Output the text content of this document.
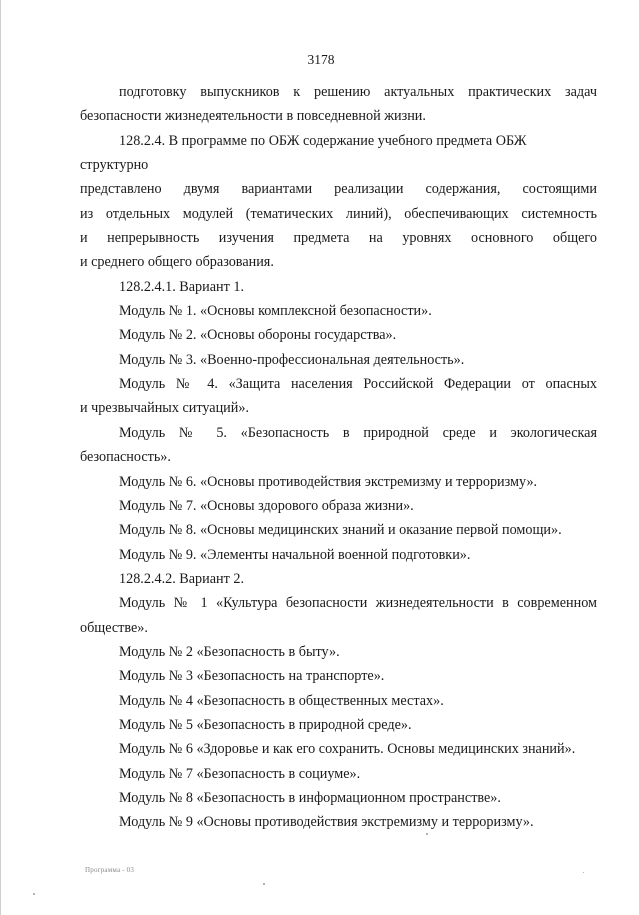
3178

подготовку выпускников к решению актуальных практических задач

безопасности жизнедеятельности в повседневной жизни.

128.2.4. В программе по ОБЖ содержание учебного предмета ОБЖ структурно

представлено двумя вариантами реализации содержания, состоящими

из отдельных модулей (тематических линий), обеспечивающих системность

и непрерывность изучения предмета на уровнях основного общего

и среднего общего образования.

128.2.4.1. Вариант 1.

Модуль № 1. «Основы комплексной безопасности».

Модуль № 2. «Основы обороны государства».

Модуль № 3. «Военно-профессиональная деятельность».

Модуль № 4. «Защита населения Российской Федерации от опасных

и чрезвычайных ситуаций».

Модуль № 5. «Безопасность в природной среде и экологическая

безопасность».

Модуль № 6. «Основы противодействия экстремизму и терроризму».

Модуль № 7. «Основы здорового образа жизни».

Модуль № 8. «Основы медицинских знаний и оказание первой помощи».

Модуль № 9. «Элементы начальной военной подготовки».

128.2.4.2. Вариант 2.

Модуль № 1 «Культура безопасности жизнедеятельности в современном

обществе».

Модуль № 2 «Безопасность в быту».

Модуль № 3 «Безопасность на транспорте».

Модуль № 4 «Безопасность в общественных местах».

Модуль № 5 «Безопасность в природной среде».

Модуль № 6 «Здоровье и как его сохранить. Основы медицинских знаний».

Модуль № 7 «Безопасность в социуме».

Модуль № 8 «Безопасность в информационном пространстве».

Модуль № 9 «Основы противодействия экстремизму и терроризму».

Программа - 03
